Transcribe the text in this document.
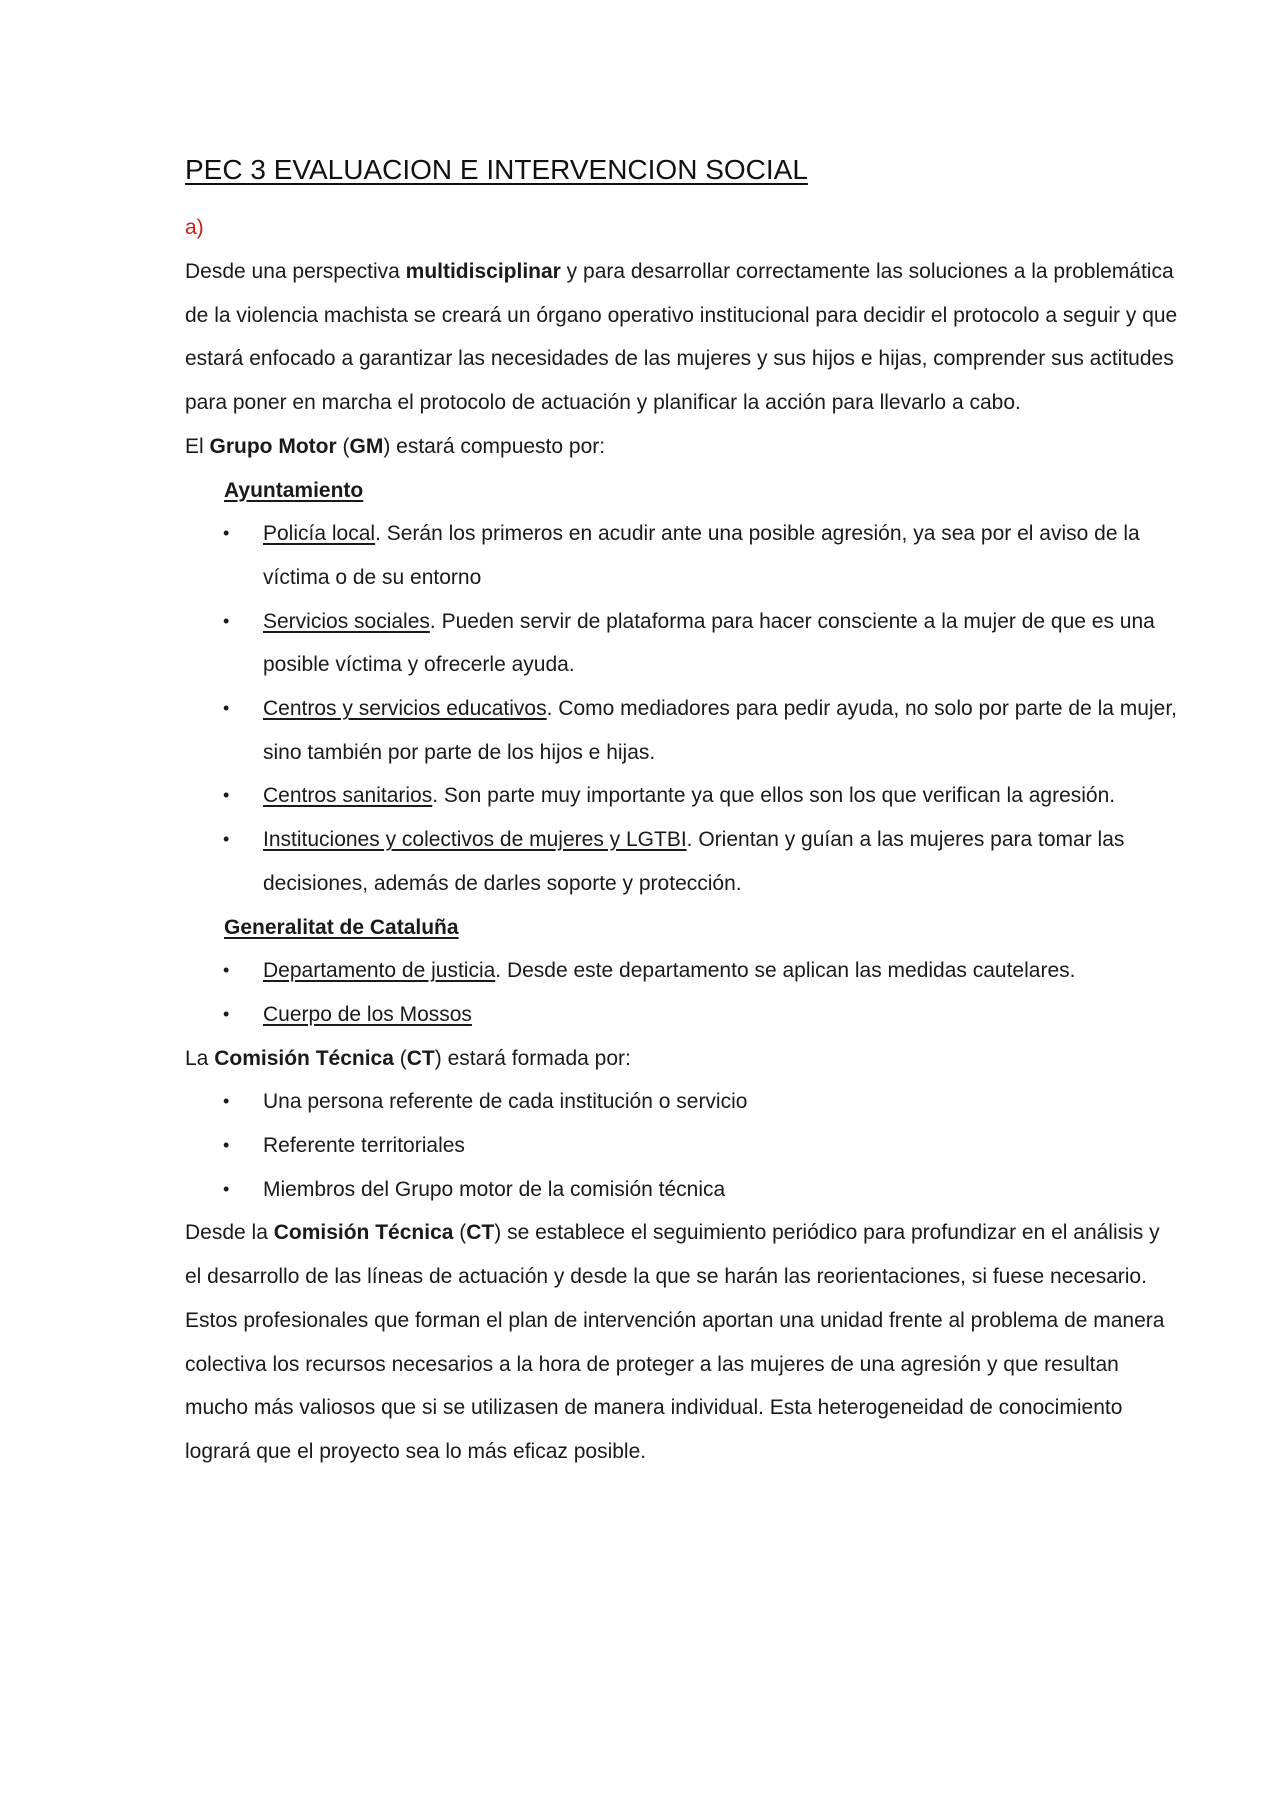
PEC 3 EVALUACION E INTERVENCION SOCIAL
a)

Desde una perspectiva multidisciplinar y para desarrollar correctamente las soluciones a la problemática de la violencia machista se creará un órgano operativo institucional para decidir el protocolo a seguir y que estará enfocado a garantizar las necesidades de las mujeres y sus hijos e hijas, comprender sus actitudes para poner en marcha el protocolo de actuación y planificar la acción para llevarlo a cabo.

El Grupo Motor (GM) estará compuesto por:

Ayuntamiento
• Policía local. Serán los primeros en acudir ante una posible agresión, ya sea por el aviso de la víctima o de su entorno
• Servicios sociales. Pueden servir de plataforma para hacer consciente a la mujer de que es una posible víctima y ofrecerle ayuda.
• Centros y servicios educativos. Como mediadores para pedir ayuda, no solo por parte de la mujer, sino también por parte de los hijos e hijas.
• Centros sanitarios. Son parte muy importante ya que ellos son los que verifican la agresión.
• Instituciones y colectivos de mujeres y LGTBI. Orientan y guían a las mujeres para tomar las decisiones, además de darles soporte y protección.
Generalitat de Cataluña
• Departamento de justicia. Desde este departamento se aplican las medidas cautelares.
• Cuerpo de los Mossos

La Comisión Técnica (CT) estará formada por:

• Una persona referente de cada institución o servicio
• Referente territoriales
• Miembros del Grupo motor de la comisión técnica

Desde la Comisión Técnica (CT) se establece el seguimiento periódico para profundizar en el análisis y el desarrollo de las líneas de actuación y desde la que se harán las reorientaciones, si fuese necesario.

Estos profesionales que forman el plan de intervención aportan una unidad frente al problema de manera colectiva los recursos necesarios a la hora de proteger a las mujeres de una agresión y que resultan mucho más valiosos que si se utilizasen de manera individual. Esta heterogeneidad de conocimiento logrará que el proyecto sea lo más eficaz posible.
